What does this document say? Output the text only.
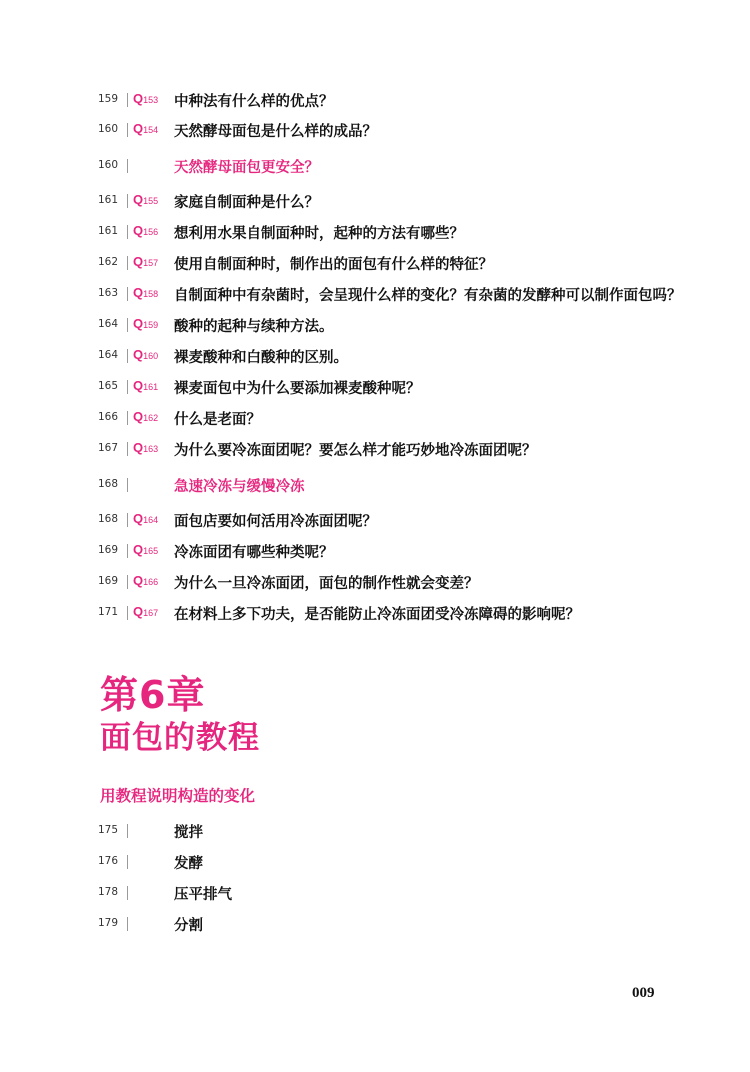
159 Q153 中种法有什么样的优点？
160 Q154 天然酵母面包是什么样的成品？
160	天然酵母面包更安全？
161 Q155 家庭自制面种是什么？
161 Q156 想利用水果自制面种时，起种的方法有哪些？
162 Q157 使用自制面种时，制作出的面包有什么样的特征？
163 Q158 自制面种中有杂菌时，会呈现什么样的变化？有杂菌的发酵种可以制作面包吗？
164 Q159 酸种的起种与续种方法。
164 Q160 裸麦酸种和白酸种的区别。
165 Q161 裸麦面包中为什么要添加裸麦酸种呢？
166 Q162 什么是老面？
167 Q163 为什么要冷冻面团呢？要怎么样才能巧妙地冷冻面团呢？
168	急速冷冻与缓慢冷冻
168 Q164 面包店要如何活用冷冻面团呢？
169 Q165 冷冻面团有哪些种类呢？
169 Q166 为什么一旦冷冻面团，面包的制作性就会变差？
171 Q167 在材料上多下功夫，是否能防止冷冻面团受冷冻障碍的影响呢？
第6章
面包的教程
用教程说明构造的变化
175	搅拌
176	发酵
178	压平排气
179	分割
009
